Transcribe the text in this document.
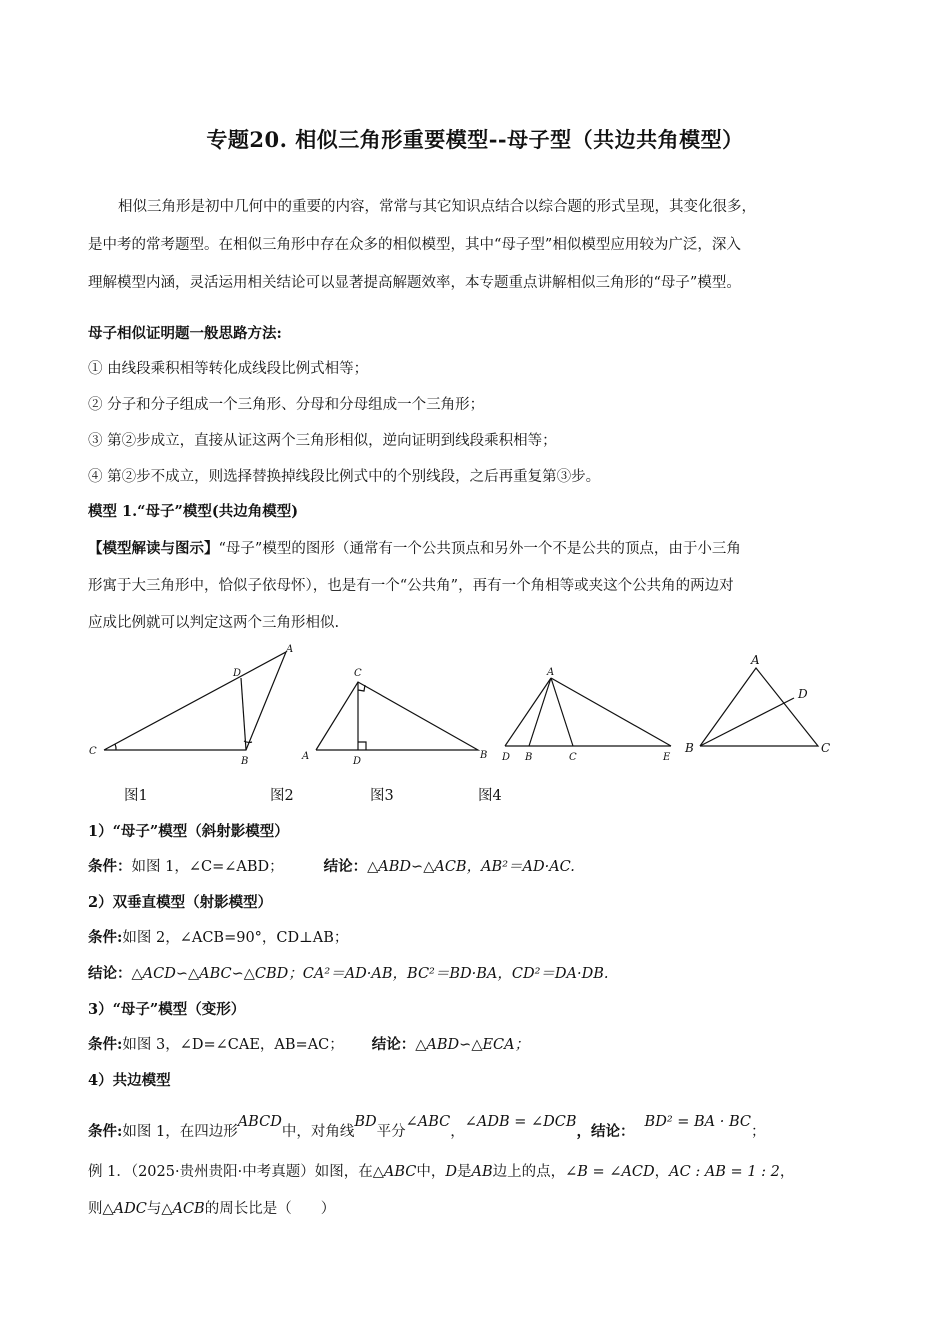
专题20. 相似三角形重要模型--母子型（共边共角模型）
相似三角形是初中几何中的重要的内容，常常与其它知识点结合以综合题的形式呈现，其变化很多，
是中考的常考题型。在相似三角形中存在众多的相似模型，其中“母子型”相似模型应用较为广泛，深入
理解模型内涵，灵活运用相关结论可以显著提高解题效率，本专题重点讲解相似三角形的“母子”模型。
母子相似证明题一般思路方法:
① 由线段乘积相等转化成线段比例式相等；
② 分子和分子组成一个三角形、分母和分母组成一个三角形；
③ 第②步成立，直接从证这两个三角形相似，逆向证明到线段乘积相等；
④ 第②步不成立，则选择替换掉线段比例式中的个别线段，之后再重复第③步。
模型 1.“母子”模型(共边角模型)
【模型解读与图示】“母子”模型的图形（通常有一个公共顶点和另外一个不是公共的顶点，由于小三角
形寓于大三角形中，恰似子依母怀），也是有一个“公共角”，再有一个角相等或夹这个公共角的两边对
应成比例就可以判定这两个三角形相似.
A
B
C
D
A	B
C
D
A
B	C
D	E
A
B	C
D
图1	图2	图3	图4
1）“母子”模型（斜射影模型）
条件：如图 1，∠C=∠ABD；	结论：△ABD∽△ACB，AB²＝AD·AC.
2）双垂直模型（射影模型）
条件:如图 2，∠ACB=90°，CD⊥AB；
结论：△ACD∽△ABC∽△CBD；CA²＝AD·AB，BC²＝BD·BA，CD²＝DA·DB.
3）“母子”模型（变形）
条件:如图 3，∠D=∠CAE，AB=AC； 结论：△ABD∽△ECA；
4）共边模型
条件:如图 1，在四边形ABCD中，对角线BD平分∠ABC，∠ADB = ∠DCB，结论：BD² = BA · BC；
例 1．（2025·贵州贵阳·中考真题）如图，在△ABC中，D是AB边上的点，∠B = ∠ACD，AC : AB = 1 : 2，
则△ADC与△ACB的周长比是（　　）
